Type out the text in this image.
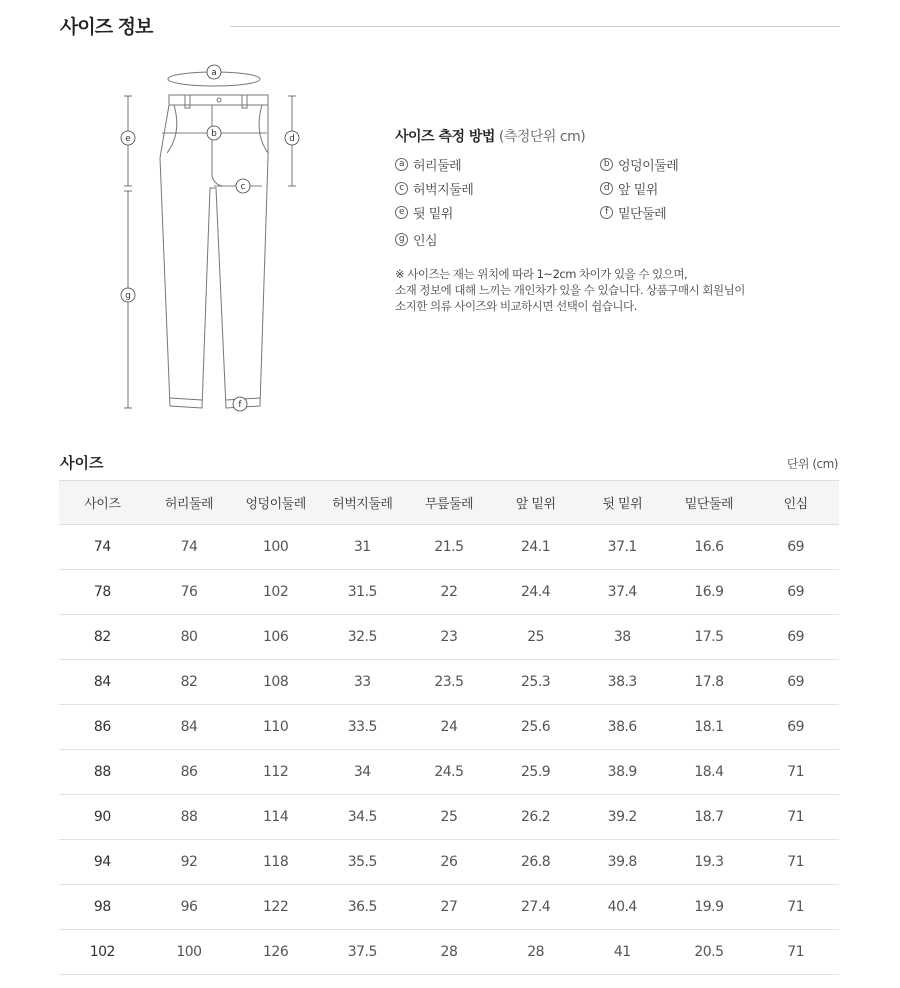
사이즈 정보
a
b
c
d
e
f
g
사이즈 측정 방법 (측정단위 cm)
a 허리둘레	b 엉덩이둘레
c 허벅지둘레	d 앞 밑위
e 뒷 밑위	f 밑단둘레
g 인심
※ 사이즈는 재는 위치에 따라 1~2cm 차이가 있을 수 있으며,
소재 정보에 대해 느끼는 개인차가 있을 수 있습니다. 상품구매시 회원님이
소지한 의류 사이즈와 비교하시면 선택이 쉽습니다.
사이즈	단위 (cm)
사이즈	허리둘레	엉덩이둘레	허벅지둘레	무릎둘레	앞 밑위	뒷 밑위	밑단둘레	인심
74	74	100	31	21.5	24.1	37.1	16.6	69
78	76	102	31.5	22	24.4	37.4	16.9	69
82	80	106	32.5	23	25	38	17.5	69
84	82	108	33	23.5	25.3	38.3	17.8	69
86	84	110	33.5	24	25.6	38.6	18.1	69
88	86	112	34	24.5	25.9	38.9	18.4	71
90	88	114	34.5	25	26.2	39.2	18.7	71
94	92	118	35.5	26	26.8	39.8	19.3	71
98	96	122	36.5	27	27.4	40.4	19.9	71
102	100	126	37.5	28	28	41	20.5	71
